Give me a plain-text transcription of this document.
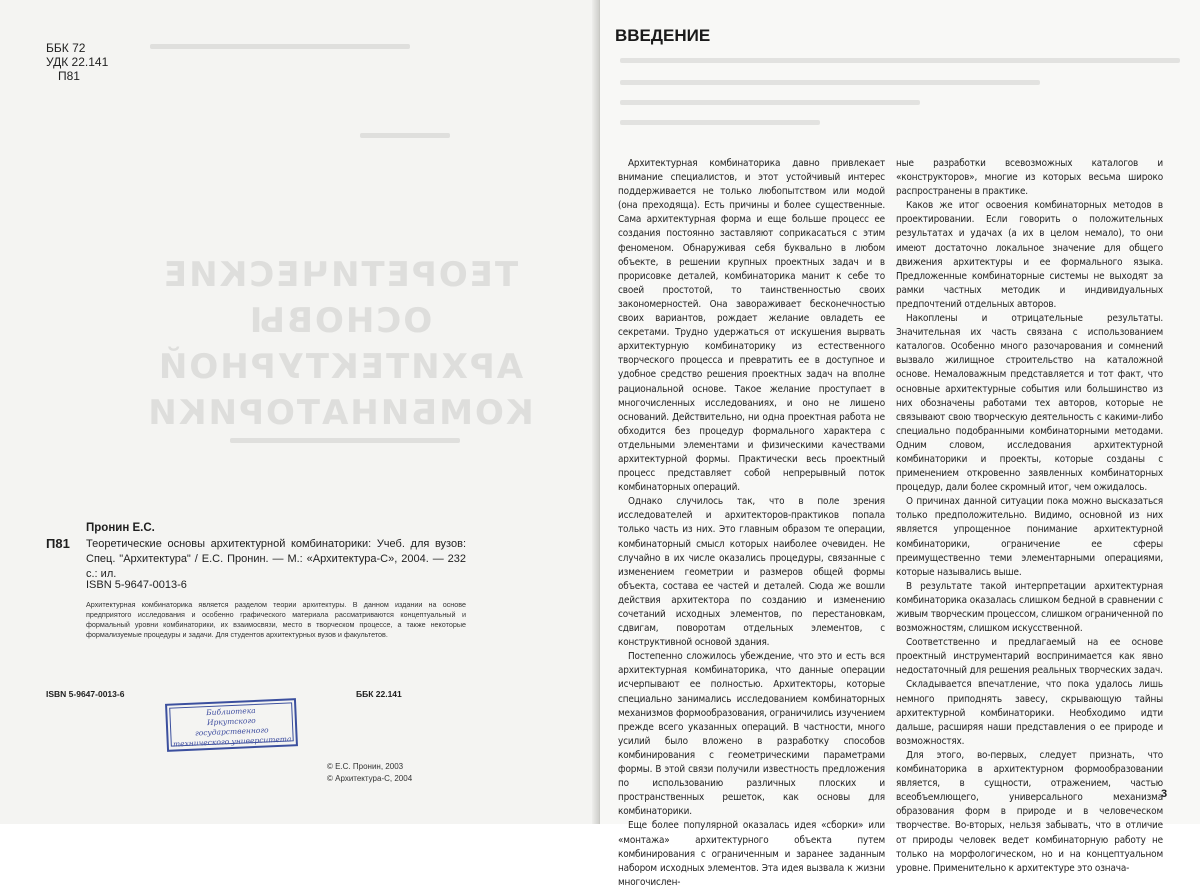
ТЕОРЕТИЧЕСКИЕ ОСНОВЫ
АРХИТЕКТУРНОЙ
КОМБИНАТОРИКИ
ББК 72
УДК 22.141
П81
П81
Пронин Е.С.
Теоретические основы архитектурной комбинаторики: Учеб. для вузов: Спец. "Архитектура" / Е.С. Пронин. — М.: «Архитектура-С», 2004. — 232 с.: ил.
ISBN 5-9647-0013-6
Архитектурная комбинаторика является разделом теории архитектуры. В данном издании на основе предприятого исследования и особенно графического материала рассматриваются концептуальный и формальный уровни комбинаторики, их взаимосвязи, место в творческом процессе, а также некоторые формализуемые процедуры и задачи. Для студентов архитектурных вузов и факультетов.
ISBN 5-9647-0013-6	ББК 22.141
Библиотека
Иркутского государственного
технического университета
© Е.С. Пронин, 2003
© Архитектура-С, 2004
ВВЕДЕНИЕ

Архитектурная комбинаторика давно привлекает внимание специалистов, и этот устойчивый интерес поддерживается не только любопытством или модой (она преходяща). Есть причины и более существенные. Сама архитектурная форма и еще больше процесс ее создания постоянно заставляют соприкасаться с этим феноменом. Обнаруживая себя буквально в любом объекте, в решении крупных проектных задач и в прорисовке деталей, комбинаторика манит к себе то своей простотой, то таинственностью своих закономерностей. Она завораживает бесконечностью своих вариантов, рождает желание овладеть ее секретами. Трудно удержаться от искушения вырвать архитектурную комбинаторику из естественного творческого процесса и превратить ее в доступное и удобное средство решения проектных задач на вполне рациональной основе. Такое желание проступает в многочисленных исследованиях, и оно не лишено оснований. Действительно, ни одна проектная работа не обходится без процедур формального характера с отдельными элементами и физическими качествами архитектурной формы. Практически весь проектный процесс представляет собой непрерывный поток комбинаторных операций.

Однако случилось так, что в поле зрения исследователей и архитекторов-практиков попала только часть из них. Это главным образом те операции, комбинаторный смысл которых наиболее очевиден. Не случайно в их числе оказались процедуры, связанные с изменением геометрии и размеров общей формы объекта, состава ее частей и деталей. Сюда же вошли действия архитектора по созданию и изменению сочетаний исходных элементов, по перестановкам, сдвигам, поворотам отдельных элементов, с конструктивной основой здания.

Постепенно сложилось убеждение, что это и есть вся архитектурная комбинаторика, что данные операции исчерпывают ее полностью. Архитекторы, которые специально занимались исследованием комбинаторных механизмов формообразования, ограничились изучением прежде всего указанных операций. В частности, много усилий было вложено в разработку способов комбинирования с геометрическими параметрами формы. В этой связи получили известность предложения по использованию различных плоских и пространственных решеток, как основы для комбинаторики.

Еще более популярной оказалась идея «сборки» или «монтажа» архитектурного объекта путем комбинирования с ограниченным и заранее заданным набором исходных элементов. Эта идея вызвала к жизни многочислен-

ные разработки всевозможных каталогов и «конструкторов», многие из которых весьма широко распространены в практике.

Каков же итог освоения комбинаторных методов в проектировании. Если говорить о положительных результатах и удачах (а их в целом немало), то они имеют достаточно локальное значение для общего движения архитектуры и ее формального языка. Предложенные комбинаторные системы не выходят за рамки частных методик и индивидуальных предпочтений отдельных авторов.

Накоплены и отрицательные результаты. Значительная их часть связана с использованием каталогов. Особенно много разочарования и сомнений вызвало жилищное строительство на каталожной основе. Немаловажным представляется и тот факт, что основные архитектурные события или большинство из них обозначены работами тех авторов, которые не связывают свою творческую деятельность с какими-либо специально подобранными комбинаторными методами. Одним словом, исследования архитектурной комбинаторики и проекты, которые созданы с применением откровенно заявленных комбинаторных процедур, дали более скромный итог, чем ожидалось.

О причинах данной ситуации пока можно высказаться только предположительно. Видимо, основной из них является упрощенное понимание архитектурной комбинаторики, ограничение ее сферы преимущественно теми элементарными операциями, которые назывались выше.

В результате такой интерпретации архитектурная комбинаторика оказалась слишком бедной в сравнении с живым творческим процессом, слишком ограниченной по возможностям, слишком искусственной.

Соответственно и предлагаемый на ее основе проектный инструментарий воспринимается как явно недостаточный для решения реальных творческих задач.

Складывается впечатление, что пока удалось лишь немного приподнять завесу, скрывающую тайны архитектурной комбинаторики. Необходимо идти дальше, расширяя наши представления о ее природе и возможностях.

Для этого, во-первых, следует признать, что комбинаторика в архитектурном формообразовании является, в сущности, отражением, частью всеобъемлющего, универсального механизма образования форм в природе и в человеческом творчестве. Во-вторых, нельзя забывать, что в отличие от природы человек ведет комбинаторную работу не только на морфологическом, но и на концептуальном уровне. Применительно к архитектуре это означа-

3
